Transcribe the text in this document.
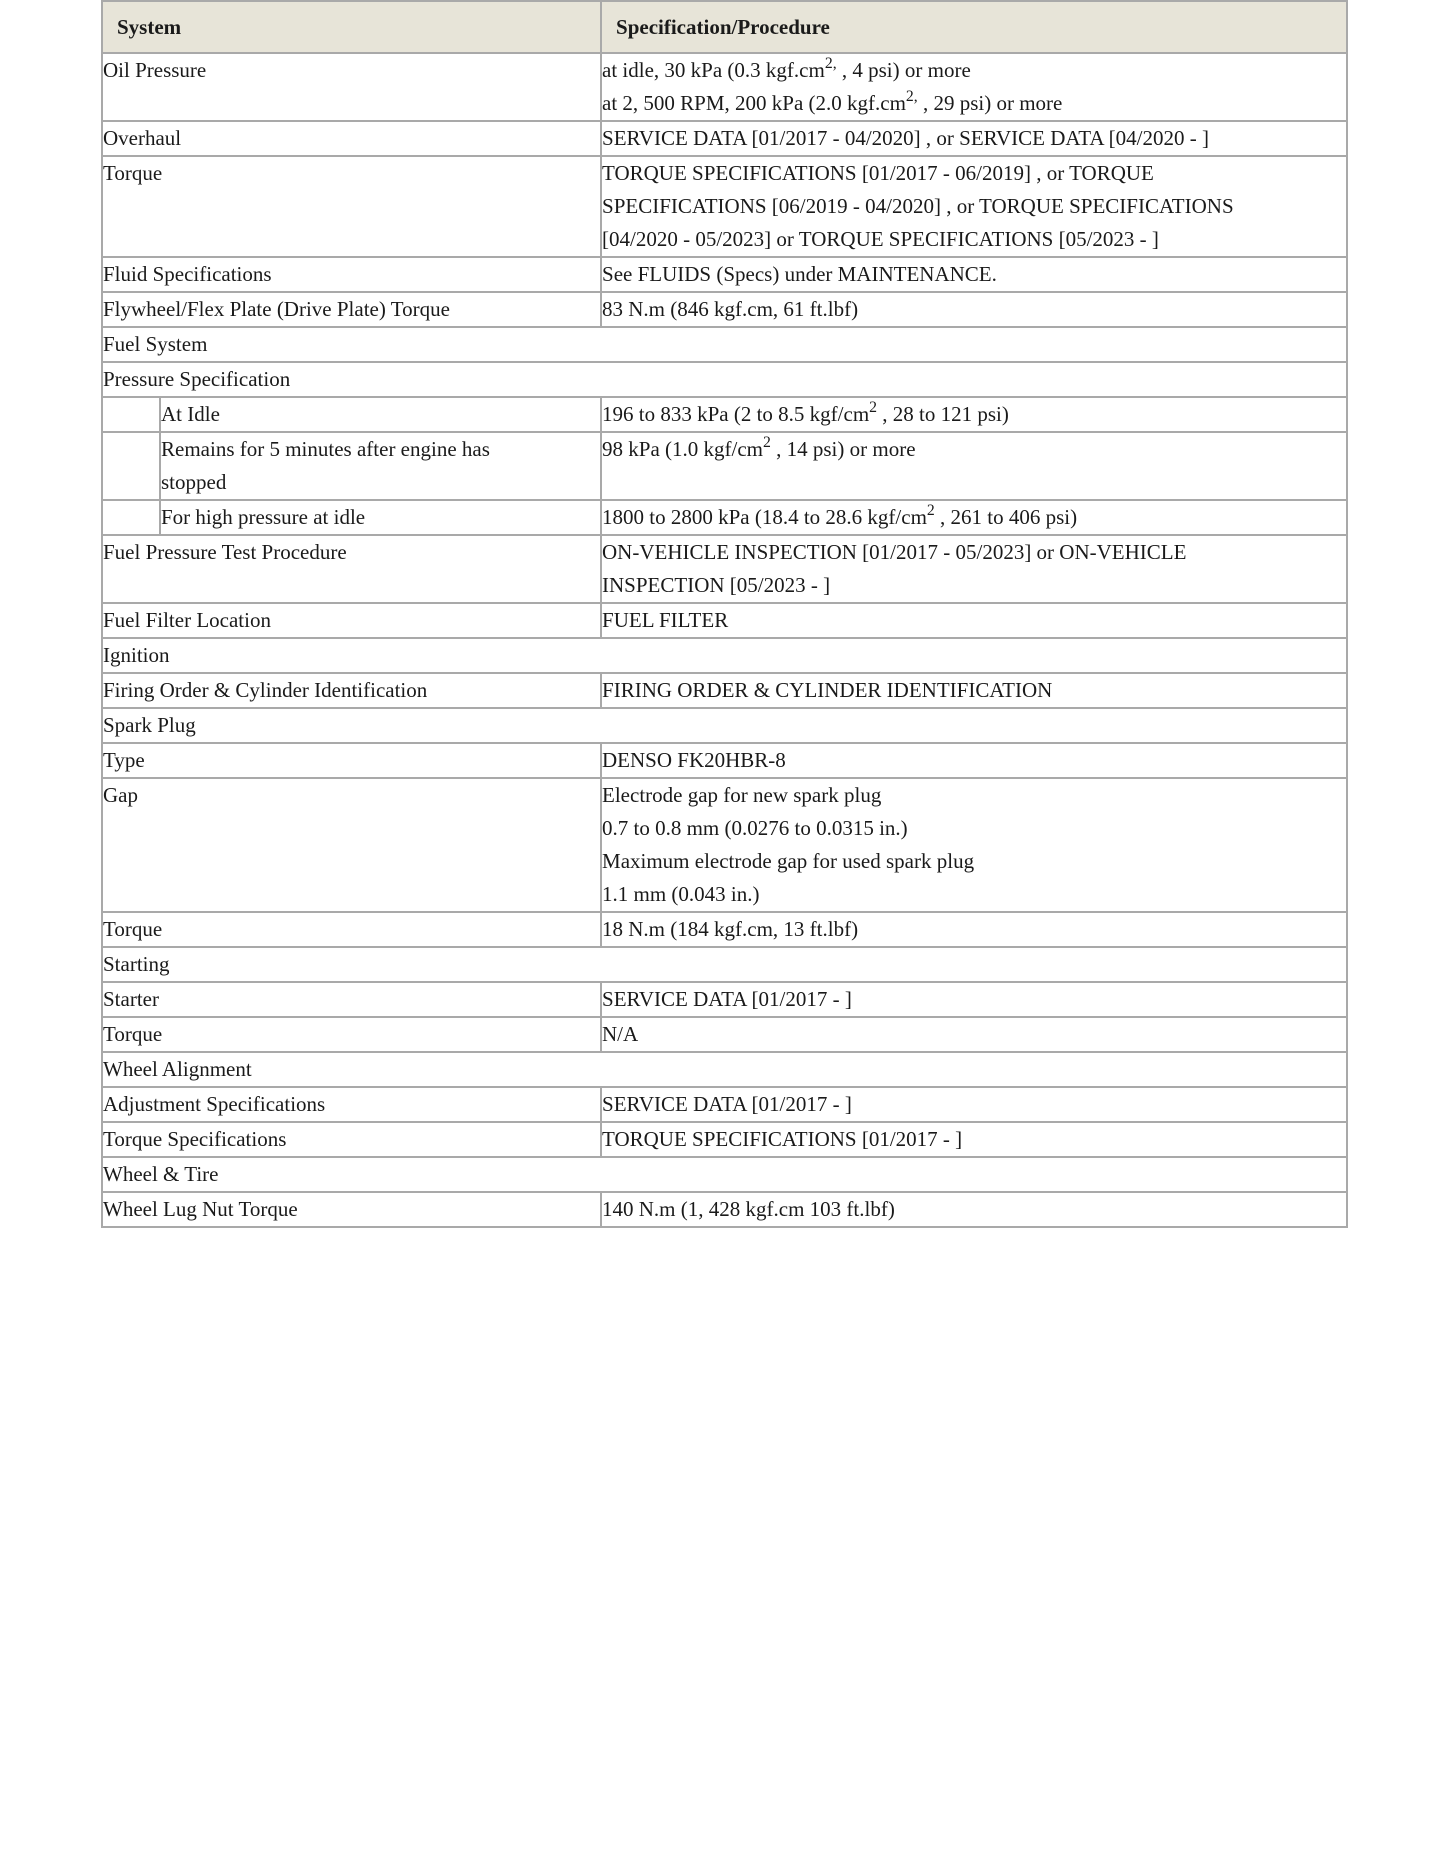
System		Specification/Procedure
Oil Pressure		at idle, 30 kPa (0.3 $kgf.cm^{2,}$ , 4 psi) or more
at 2, 500 RPM, 200 kPa (2.0 $kgf.cm^{2,}$ , 29 psi) or more

Overhaul		SERVICE DATA [01/2017 - 04/2020] , or SERVICE DATA [04/2020 - ]
Torque		TORQUE SPECIFICATIONS [01/2017 - 06/2019] , or TORQUE
SPECIFICATIONS [06/2019 - 04/2020] , or TORQUE SPECIFICATIONS
[04/2020 - 05/2023] or TORQUE SPECIFICATIONS [05/2023 - ]

Fluid Specifications		See FLUIDS (Specs) under MAINTENANCE.
Flywheel/Flex Plate (Drive Plate) Torque		83 N.m (846 kgf.cm, 61 ft.lbf)
Fuel System		
Pressure Specification		
	At Idle	196 to 833 kPa (2 to 8.5 kgf/$cm^2$ , 28 to 121 psi)

	Remains for 5 minutes after engine has
stopped	98 kPa (1.0 kgf/$cm^2$ , 14 psi) or more
	For high pressure at idle	1800 to 2800 kPa (18.4 to 28.6 kgf/$cm^2$ , 261 to 406 psi)
Fuel Pressure Test Procedure		ON-VEHICLE INSPECTION [01/2017 - 05/2023] or ON-VEHICLE
INSPECTION [05/2023 - ]

Fuel Filter Location		FUEL FILTER
Ignition		
Firing Order & Cylinder Identification		FIRING ORDER & CYLINDER IDENTIFICATION
Spark Plug		
Type		DENSO FK20HBR-8
Gap		Electrode gap for new spark plug
0.7 to 0.8 mm (0.0276 to 0.0315 in.)
Maximum electrode gap for used spark plug
1.1 mm (0.043 in.)

Torque		18 N.m (184 kgf.cm, 13 ft.lbf)
Starting		
Starter		SERVICE DATA [01/2017 - ]
Torque		N/A
Wheel Alignment		
Adjustment Specifications		SERVICE DATA [01/2017 - ]
Torque Specifications		TORQUE SPECIFICATIONS [01/2017 - ]
Wheel & Tire		
Wheel Lug Nut Torque		140 N.m (1, 428 kgf.cm 103 ft.lbf)
